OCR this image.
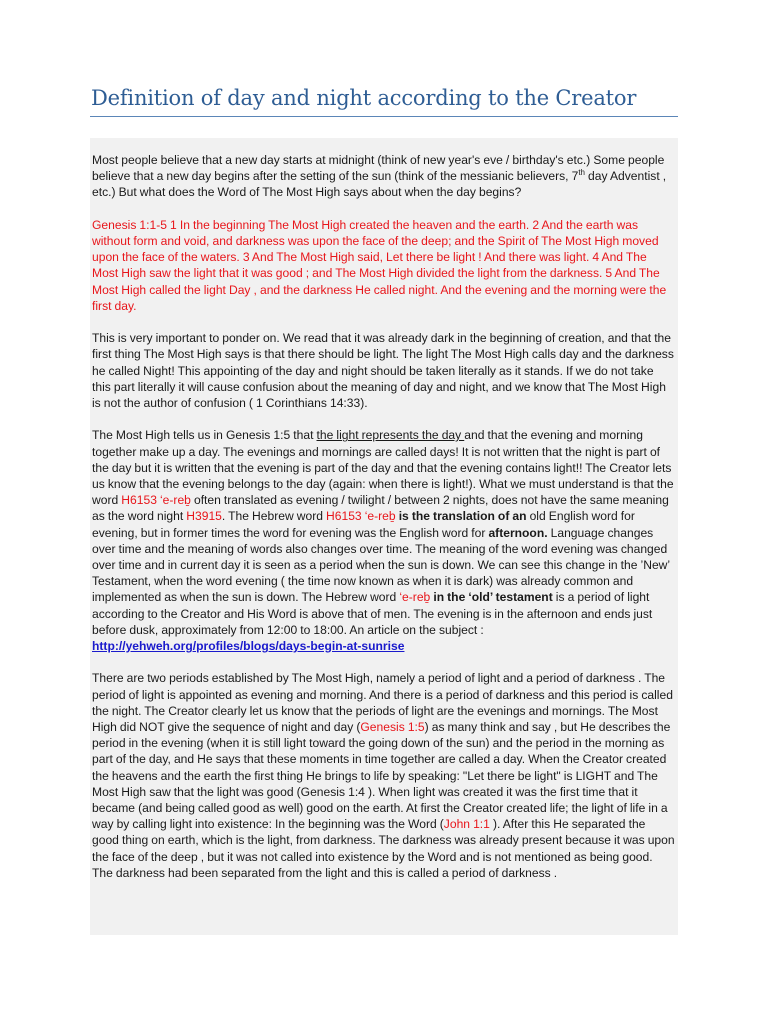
Definition of day and night according to the Creator

Most people believe that a new day starts at midnight (think of new year's eve / birthday's etc.) Some people believe that a new day begins after the setting of the sun (think of the messianic believers, 7th day Adventist , etc.) But what does the Word of The Most High says about when the day begins?

Genesis 1:1-5 1 In the beginning The Most High created the heaven and the earth. 2 And the earth was without form and void, and darkness was upon the face of the deep; and the Spirit of The Most High moved upon the face of the waters. 3 And The Most High said, Let there be light ! And there was light. 4 And The Most High saw the light that it was good ; and The Most High divided the light from the darkness. 5 And The Most High called the light Day , and the darkness He called night. And the evening and the morning were the first day.

This is very important to ponder on. We read that it was already dark in the beginning of creation, and that the first thing The Most High says is that there should be light. The light The Most High calls day and the darkness he called Night! This appointing of the day and night should be taken literally as it stands. If we do not take this part literally it will cause confusion about the meaning of day and night, and we know that The Most High is not the author of confusion ( 1 Corinthians 14:33).

The Most High tells us in Genesis 1:5 that the light represents the day and that the evening and morning together make up a day. The evenings and mornings are called days! It is not written that the night is part of the day but it is written that the evening is part of the day and that the evening contains light!! The Creator lets us know that the evening belongs to the day (again: when there is light!). What we must understand is that the word H6153 ‘e-reḇ often translated as evening / twilight / between 2 nights, does not have the same meaning as the word night H3915. The Hebrew word H6153 ‘e-reḇ is the translation of an old English word for evening, but in former times the word for evening was the English word for afternoon. Language changes over time and the meaning of words also changes over time. The meaning of the word evening was changed over time and in current day it is seen as a period when the sun is down. We can see this change in the ’New’ Testament, when the word evening ( the time now known as when it is dark) was already common and implemented as when the sun is down. The Hebrew word ‘e-reḇ in the ‘old’ testament is a period of light according to the Creator and His Word is above that of men. The evening is in the afternoon and ends just before dusk, approximately from 12:00 to 18:00. An article on the subject : http://yehweh.org/profiles/blogs/days-begin-at-sunrise

There are two periods established by The Most High, namely a period of light and a period of darkness . The period of light is appointed as evening and morning. And there is a period of darkness and this period is called the night. The Creator clearly let us know that the periods of light are the evenings and mornings. The Most High did NOT give the sequence of night and day (Genesis 1:5) as many think and say , but He describes the period in the evening (when it is still light toward the going down of the sun) and the period in the morning as part of the day, and He says that these moments in time together are called a day. When the Creator created the heavens and the earth the first thing He brings to life by speaking: "Let there be light" is LIGHT and The Most High saw that the light was good (Genesis 1:4 ). When light was created it was the first time that it became (and being called good as well) good on the earth. At first the Creator created life; the light of life in a way by calling light into existence: In the beginning was the Word (John 1:1 ). After this He separated the good thing on earth, which is the light, from darkness. The darkness was already present because it was upon the face of the deep , but it was not called into existence by the Word and is not mentioned as being good. The darkness had been separated from the light and this is called a period of darkness .
